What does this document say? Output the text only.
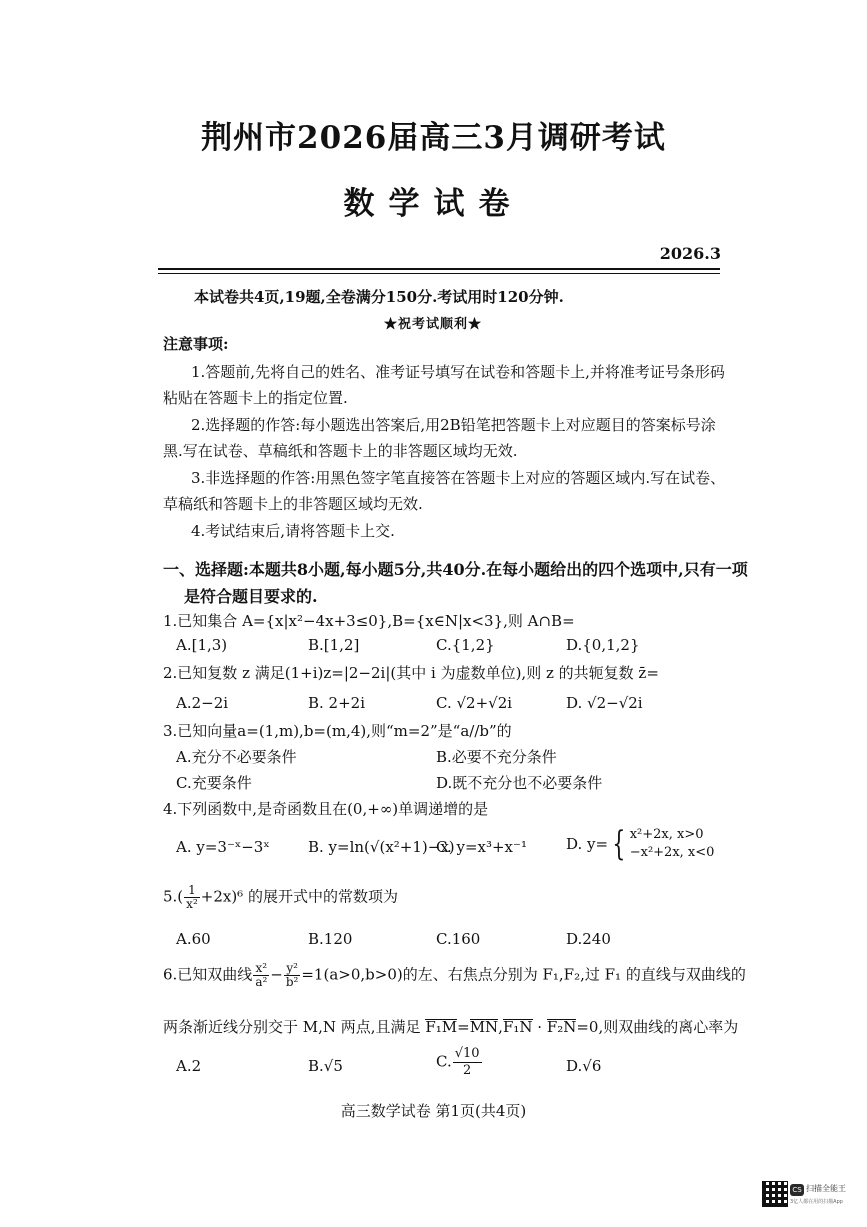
荆州市2026届高三3月调研考试
数学试卷
2026.3
本试卷共4页,19题,全卷满分150分.考试用时120分钟.
★祝考试顺利★
注意事项:
1.答题前,先将自己的姓名、准考证号填写在试卷和答题卡上,并将准考证号条形码
粘贴在答题卡上的指定位置.
2.选择题的作答:每小题选出答案后,用2B铅笔把答题卡上对应题目的答案标号涂
黑.写在试卷、草稿纸和答题卡上的非答题区域均无效.
3.非选择题的作答:用黑色签字笔直接答在答题卡上对应的答题区域内.写在试卷、
草稿纸和答题卡上的非答题区域均无效.
4.考试结束后,请将答题卡上交.
一、选择题:本题共8小题,每小题5分,共40分.在每小题给出的四个选项中,只有一项
是符合题目要求的.
1.已知集合 A={x|x²−4x+3≤0},B={x∈N|x<3},则 A∩B=
A.[1,3)	B.[1,2]	C.{1,2}	D.{0,1,2}
2.已知复数 z 满足(1+i)z=|2−2i|(其中 i 为虚数单位),则 z 的共轭复数 z̄=
A.2−2i	B. 2+2i	C. √2+√2i	D. √2−√2i
3.已知向量a=(1,m),b=(m,4),则“m=2”是“a//b”的
A.充分不必要条件	B.必要不充分条件
C.充要条件	D.既不充分也不必要条件
4.下列函数中,是奇函数且在(0,+∞)单调递增的是
A. y=3⁻ˣ−3ˣ	B. y=ln(√(x²+1)−x)
C. y=x³+x⁻¹	D. y= { x²+2x, x>0
−x²+2x, x<0
$5.( \frac{1}{\text{x²}} +2x)^6$ 的展开式中的常数项为
A.60	B.120	C.160	D.240
6.已知双曲线 $\frac{\text{x²}}{\text{a²}} - \frac{\text{y²}}{\text{b²}} =1(a>0,b>0)$的左、右焦点分别为 F₁,F₂,过 F₁ 的直线与双曲线的
两条渐近线分别交于 M,N 两点,且满足 F₁M=MN,F₁N · F₂N=0,则双曲线的离心率为
A.2	B.√5	C. $\frac{√10}{2}$	D.√6
高三数学试卷 第1页(共4页)
CS 扫描全能王
3亿人都在用的扫描App
